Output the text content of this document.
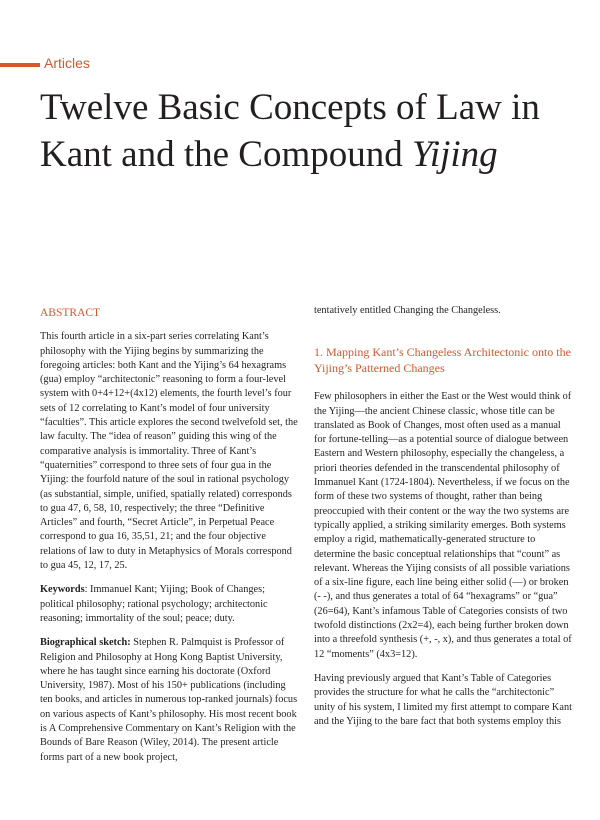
Articles
Twelve Basic Concepts of Law in Kant and the Compound Yijing
ABSTRACT

This fourth article in a six-part series correlating Kant’s philosophy with the Yijing begins by summarizing the foregoing articles: both Kant and the Yijing’s 64 hexagrams (gua) employ “architectonic” reasoning to form a four-level system with 0+4+12+(4x12) elements, the fourth level’s four sets of 12 correlating to Kant’s model of four university “faculties”. This article explores the second twelvefold set, the law faculty. The “idea of reason” guiding this wing of the comparative analysis is immortality. Three of Kant’s “quaternities” correspond to three sets of four gua in the Yijing: the fourfold nature of the soul in rational psychology (as substantial, simple, unified, spatially related) corresponds to gua 47, 6, 58, 10, respectively; the three “Definitive Articles” and fourth, “Secret Article”, in Perpetual Peace correspond to gua 16, 35,51, 21; and the four objective relations of law to duty in Metaphysics of Morals correspond to gua 45, 12, 17, 25.

Keywords: Immanuel Kant; Yijing; Book of Changes; political philosophy; rational psychology; architectonic reasoning; immortality of the soul; peace; duty.

Biographical sketch: Stephen R. Palmquist is Professor of Religion and Philosophy at Hong Kong Baptist University, where he has taught since earning his doctorate (Oxford University, 1987). Most of his 150+ publications (including ten books, and articles in numerous top-ranked journals) focus on various aspects of Kant’s philosophy. His most recent book is A Comprehensive Commentary on Kant’s Religion with the Bounds of Bare Reason (Wiley, 2014). The present article forms part of a new book project,

tentatively entitled Changing the Changeless.

1. Mapping Kant’s Changeless Architectonic onto the Yijing’s Patterned Changes

Few philosophers in either the East or the West would think of the Yijing—the ancient Chinese classic, whose title can be translated as Book of Changes, most often used as a manual for fortune-telling—as a potential source of dialogue between Eastern and Western philosophy, especially the changeless, a priori theories defended in the transcendental philosophy of Immanuel Kant (1724-1804). Nevertheless, if we focus on the form of these two systems of thought, rather than being preoccupied with their content or the way the two systems are typically applied, a striking similarity emerges. Both systems employ a rigid, mathematically-generated structure to determine the basic conceptual relationships that “count” as relevant. Whereas the Yijing consists of all possible variations of a six-line figure, each line being either solid (—) or broken (- -), and thus generates a total of 64 “hexagrams” or “gua” (26=64), Kant’s infamous Table of Categories consists of two twofold distinctions (2x2=4), each being further broken down into a threefold synthesis (+, -, x), and thus generates a total of 12 “moments” (4x3=12).

Having previously argued that Kant’s Table of Categories provides the structure for what he calls the “architectonic” unity of his system, I limited my first attempt to compare Kant and the Yijing to the bare fact that both systems employ this
